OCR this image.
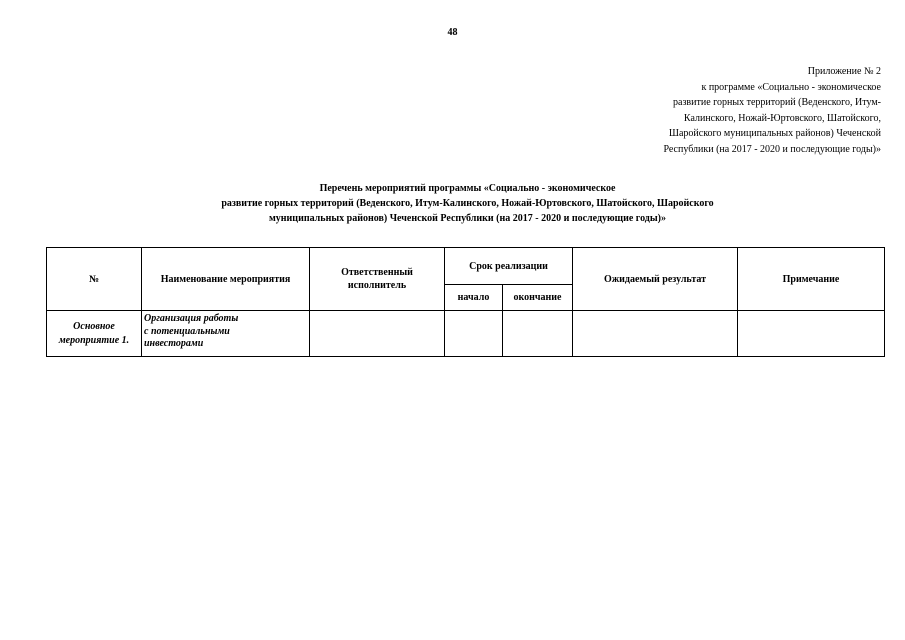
48
Приложение № 2
к программе «Социально - экономическое
развитие горных территорий (Веденского, Итум-
Калинского, Ножай-Юртовского, Шатойского,
Шаройского муниципальных районов) Чеченской
Республики (на 2017 - 2020 и последующие годы)»
Перечень мероприятий программы «Социально - экономическое
развитие горных территорий (Веденского, Итум-Калинского, Ножай-Юртовского, Шатойского, Шаройского
муниципальных районов) Чеченской Республики (на 2017 - 2020 и последующие годы)»
№	Наименование мероприятия	Ответственный исполнитель	Срок реализации		Ожидаемый результат	Примечание
			начало	окончание		
Основное мероприятие 1.	Организация работы
с потенциальными
инвесторами					
